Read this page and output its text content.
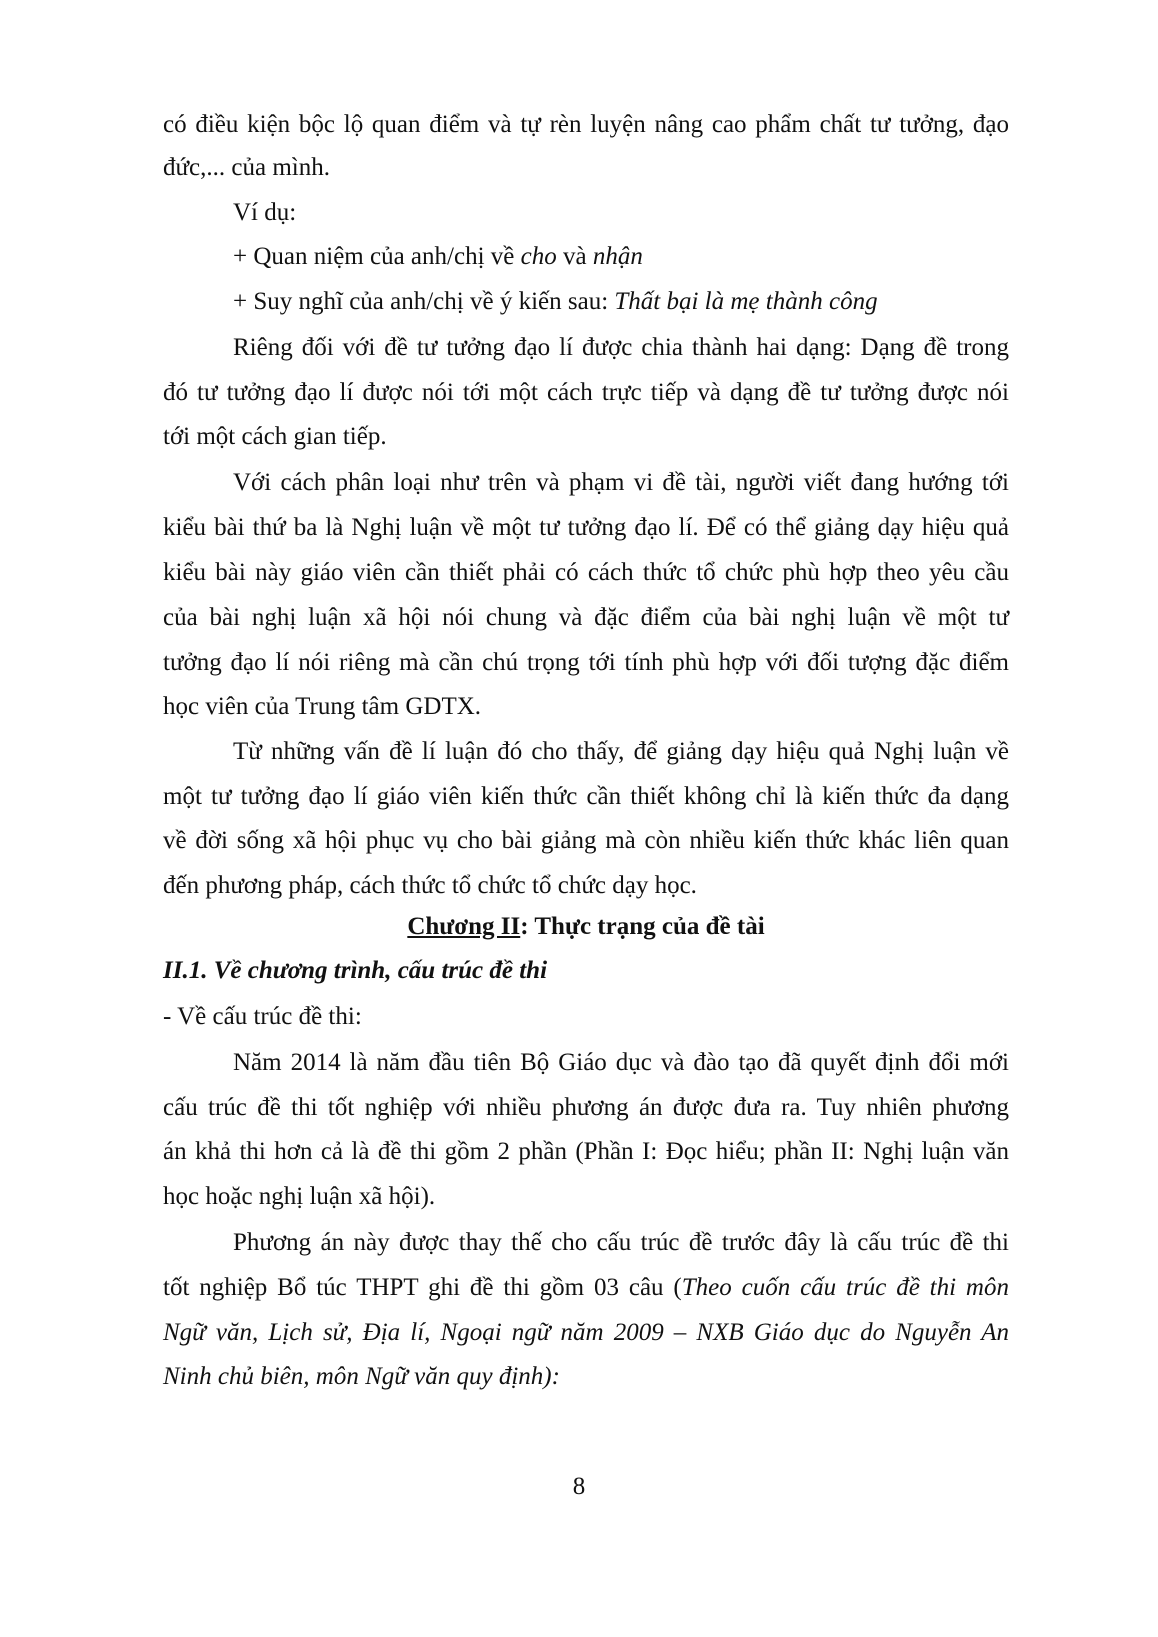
có điều kiện bộc lộ quan điểm và tự rèn luyện nâng cao phẩm chất tư tưởng, đạo
đức,... của mình.
Ví dụ:
+ Quan niệm của anh/chị về cho và nhận
+ Suy nghĩ của anh/chị về ý kiến sau: Thất bại là mẹ thành công
Riêng đối với đề tư tưởng đạo lí được chia thành hai dạng: Dạng đề trong
đó tư tưởng đạo lí được nói tới một cách trực tiếp và dạng đề tư tưởng được nói
tới một cách gian tiếp.
Với cách phân loại như trên và phạm vi đề tài, người viết đang hướng tới
kiểu bài thứ ba là Nghị luận về một tư tưởng đạo lí. Để có thể giảng dạy hiệu quả
kiểu bài này giáo viên cần thiết phải có cách thức tổ chức phù hợp theo yêu cầu
của bài nghị luận xã hội nói chung và đặc điểm của bài nghị luận về một tư
tưởng đạo lí nói riêng mà cần chú trọng tới tính phù hợp với đối tượng đặc điểm
học viên của Trung tâm GDTX.
Từ những vấn đề lí luận đó cho thấy, để giảng dạy hiệu quả Nghị luận về
một tư tưởng đạo lí giáo viên kiến thức cần thiết không chỉ là kiến thức đa dạng
về đời sống xã hội phục vụ cho bài giảng mà còn nhiều kiến thức khác liên quan
đến phương pháp, cách thức tổ chức tổ chức dạy học.
Chương II: Thực trạng của đề tài
II.1. Về chương trình, cấu trúc đề thi
- Về cấu trúc đề thi:
Năm 2014 là năm đầu tiên Bộ Giáo dục và đào tạo đã quyết định đổi mới
cấu trúc đề thi tốt nghiệp với nhiều phương án được đưa ra. Tuy nhiên phương
án khả thi hơn cả là đề thi gồm 2 phần (Phần I: Đọc hiểu; phần II: Nghị luận văn
học hoặc nghị luận xã hội).
Phương án này được thay thế cho cấu trúc đề trước đây là cấu trúc đề thi
tốt nghiệp Bổ túc THPT ghi đề thi gồm 03 câu (Theo cuốn cấu trúc đề thi môn
Ngữ văn, Lịch sử, Địa lí, Ngoại ngữ năm 2009 – NXB Giáo dục do Nguyễn An
Ninh chủ biên, môn Ngữ văn quy định):
8
